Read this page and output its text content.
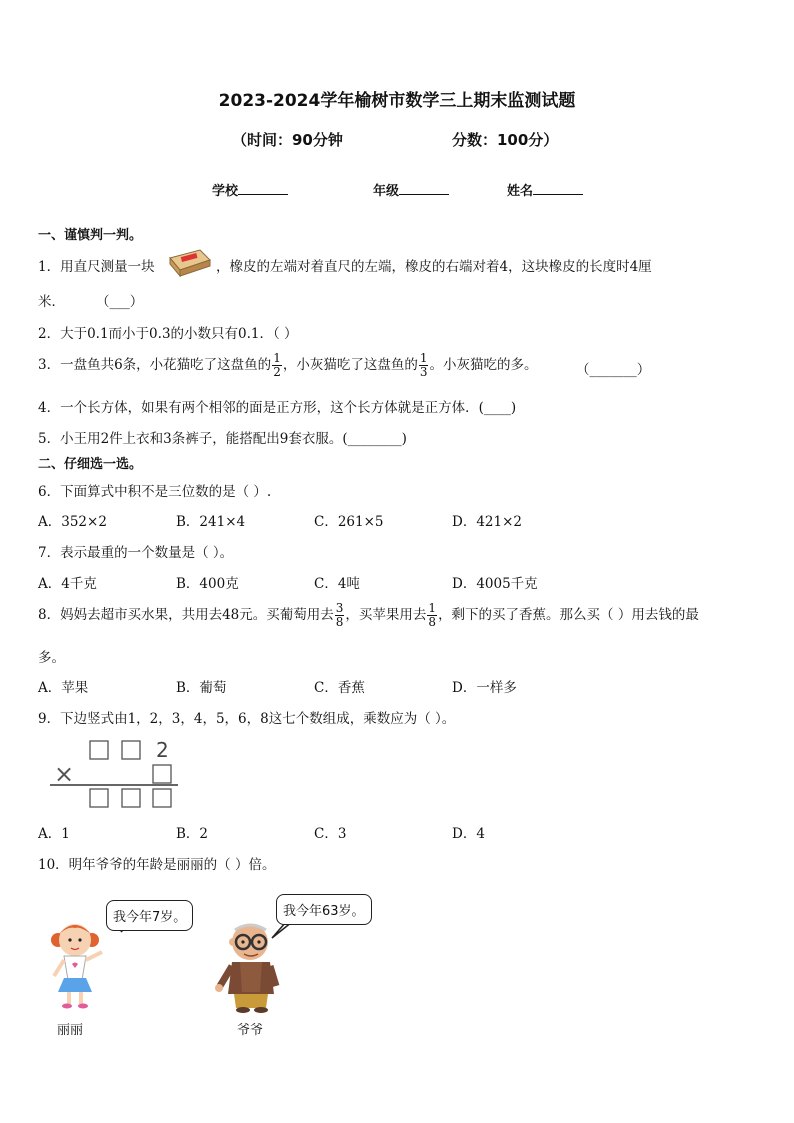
2023-2024学年榆树市数学三上期末监测试题
（时间：90分钟	分数：100分）
学校	年级	姓名
一、谨慎判一判。
1．用直尺测量一块	，橡皮的左端对着直尺的左端，橡皮的右端对着4，这块橡皮的长度时4厘
米． （___）
2．大于0.1而小于0.3的小数只有0.1．（ ）
3．一盘鱼共6条，小花猫吃了这盘鱼的 $\frac{1}{2}$ ，小灰猫吃了这盘鱼的 $\frac{1}{3}$ 。小灰猫吃的多。	（_______）
4．一个长方体，如果有两个相邻的面是正方形，这个长方体就是正方体．(____)
5．小王用2件上衣和3条裤子，能搭配出9套衣服。(________)
二、仔细选一选。
6．下面算式中积不是三位数的是（ ）.
A．352×2	B．241×4	C．261×5	D．421×2
7．表示最重的一个数量是（ ）。
A．4千克	B．400克	C．4吨	D．4005千克
8．妈妈去超市买水果，共用去48元。买葡萄用去 $\frac{3}{8}$ ，买苹果用去 $\frac{1}{8}$ ，剩下的买了香蕉。那么买（ ）用去钱的最
多。
A．苹果	B．葡萄	C．香蕉	D．一样多
9．下边竖式由1，2，3，4，5，6，8这七个数组成，乘数应为（ ）。
2
×
A．1	B．2	C．3	D．4
10．明年爷爷的年龄是丽丽的（ ）倍。
我今年7岁。	我今年63岁。
丽丽	爷爷
